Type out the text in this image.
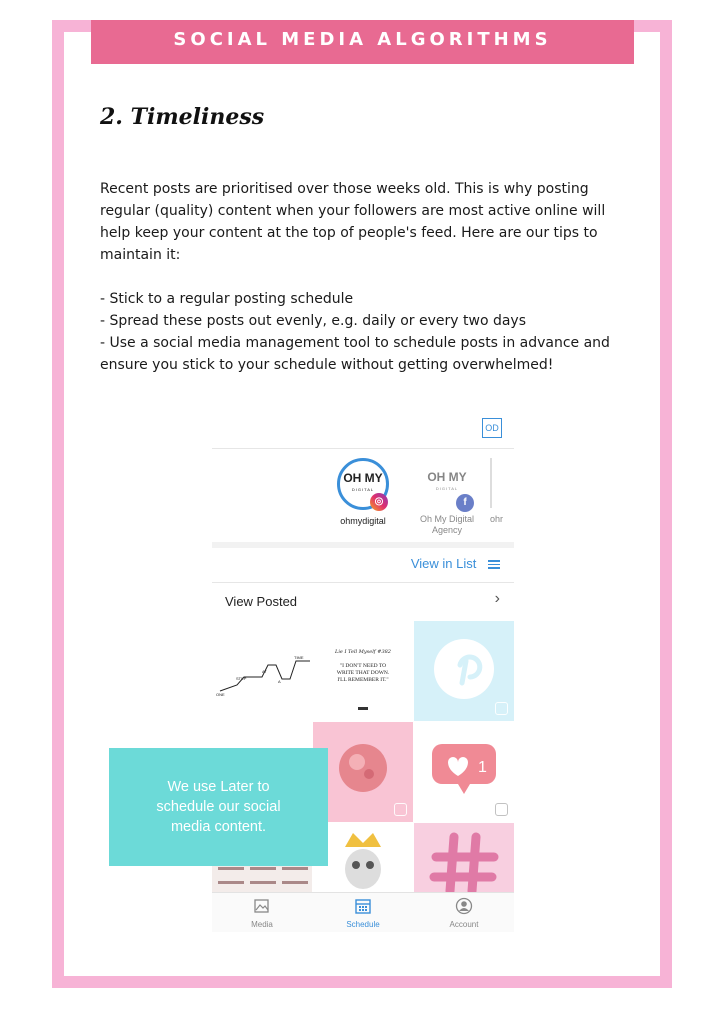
SOCIAL MEDIA ALGORITHMS
2. Timeliness

Recent posts are prioritised over those weeks old. This is why posting regular (quality) content when your followers are most active online will help keep your content at the top of people's feed. Here are our tips to maintain it:

- Stick to a regular posting schedule
- Spread these posts out evenly, e.g. daily or every two days
- Use a social media management tool to schedule posts in advance and ensure you stick to your schedule without getting overwhelmed!
OD
OH MY
DIGITAL
◎
ohmydigital
OH MY
DIGITAL
f
Oh My Digital Agency
ohr
View in List
View Posted	›
ONE
STEP
AT
A
TIME
Lie I Tell Myself #382
"I DON'T NEED TO
WRITE THAT DOWN.
I'LL REMEMBER IT."
1
Media	Schedule	Account
We use Later to schedule our social media content.
